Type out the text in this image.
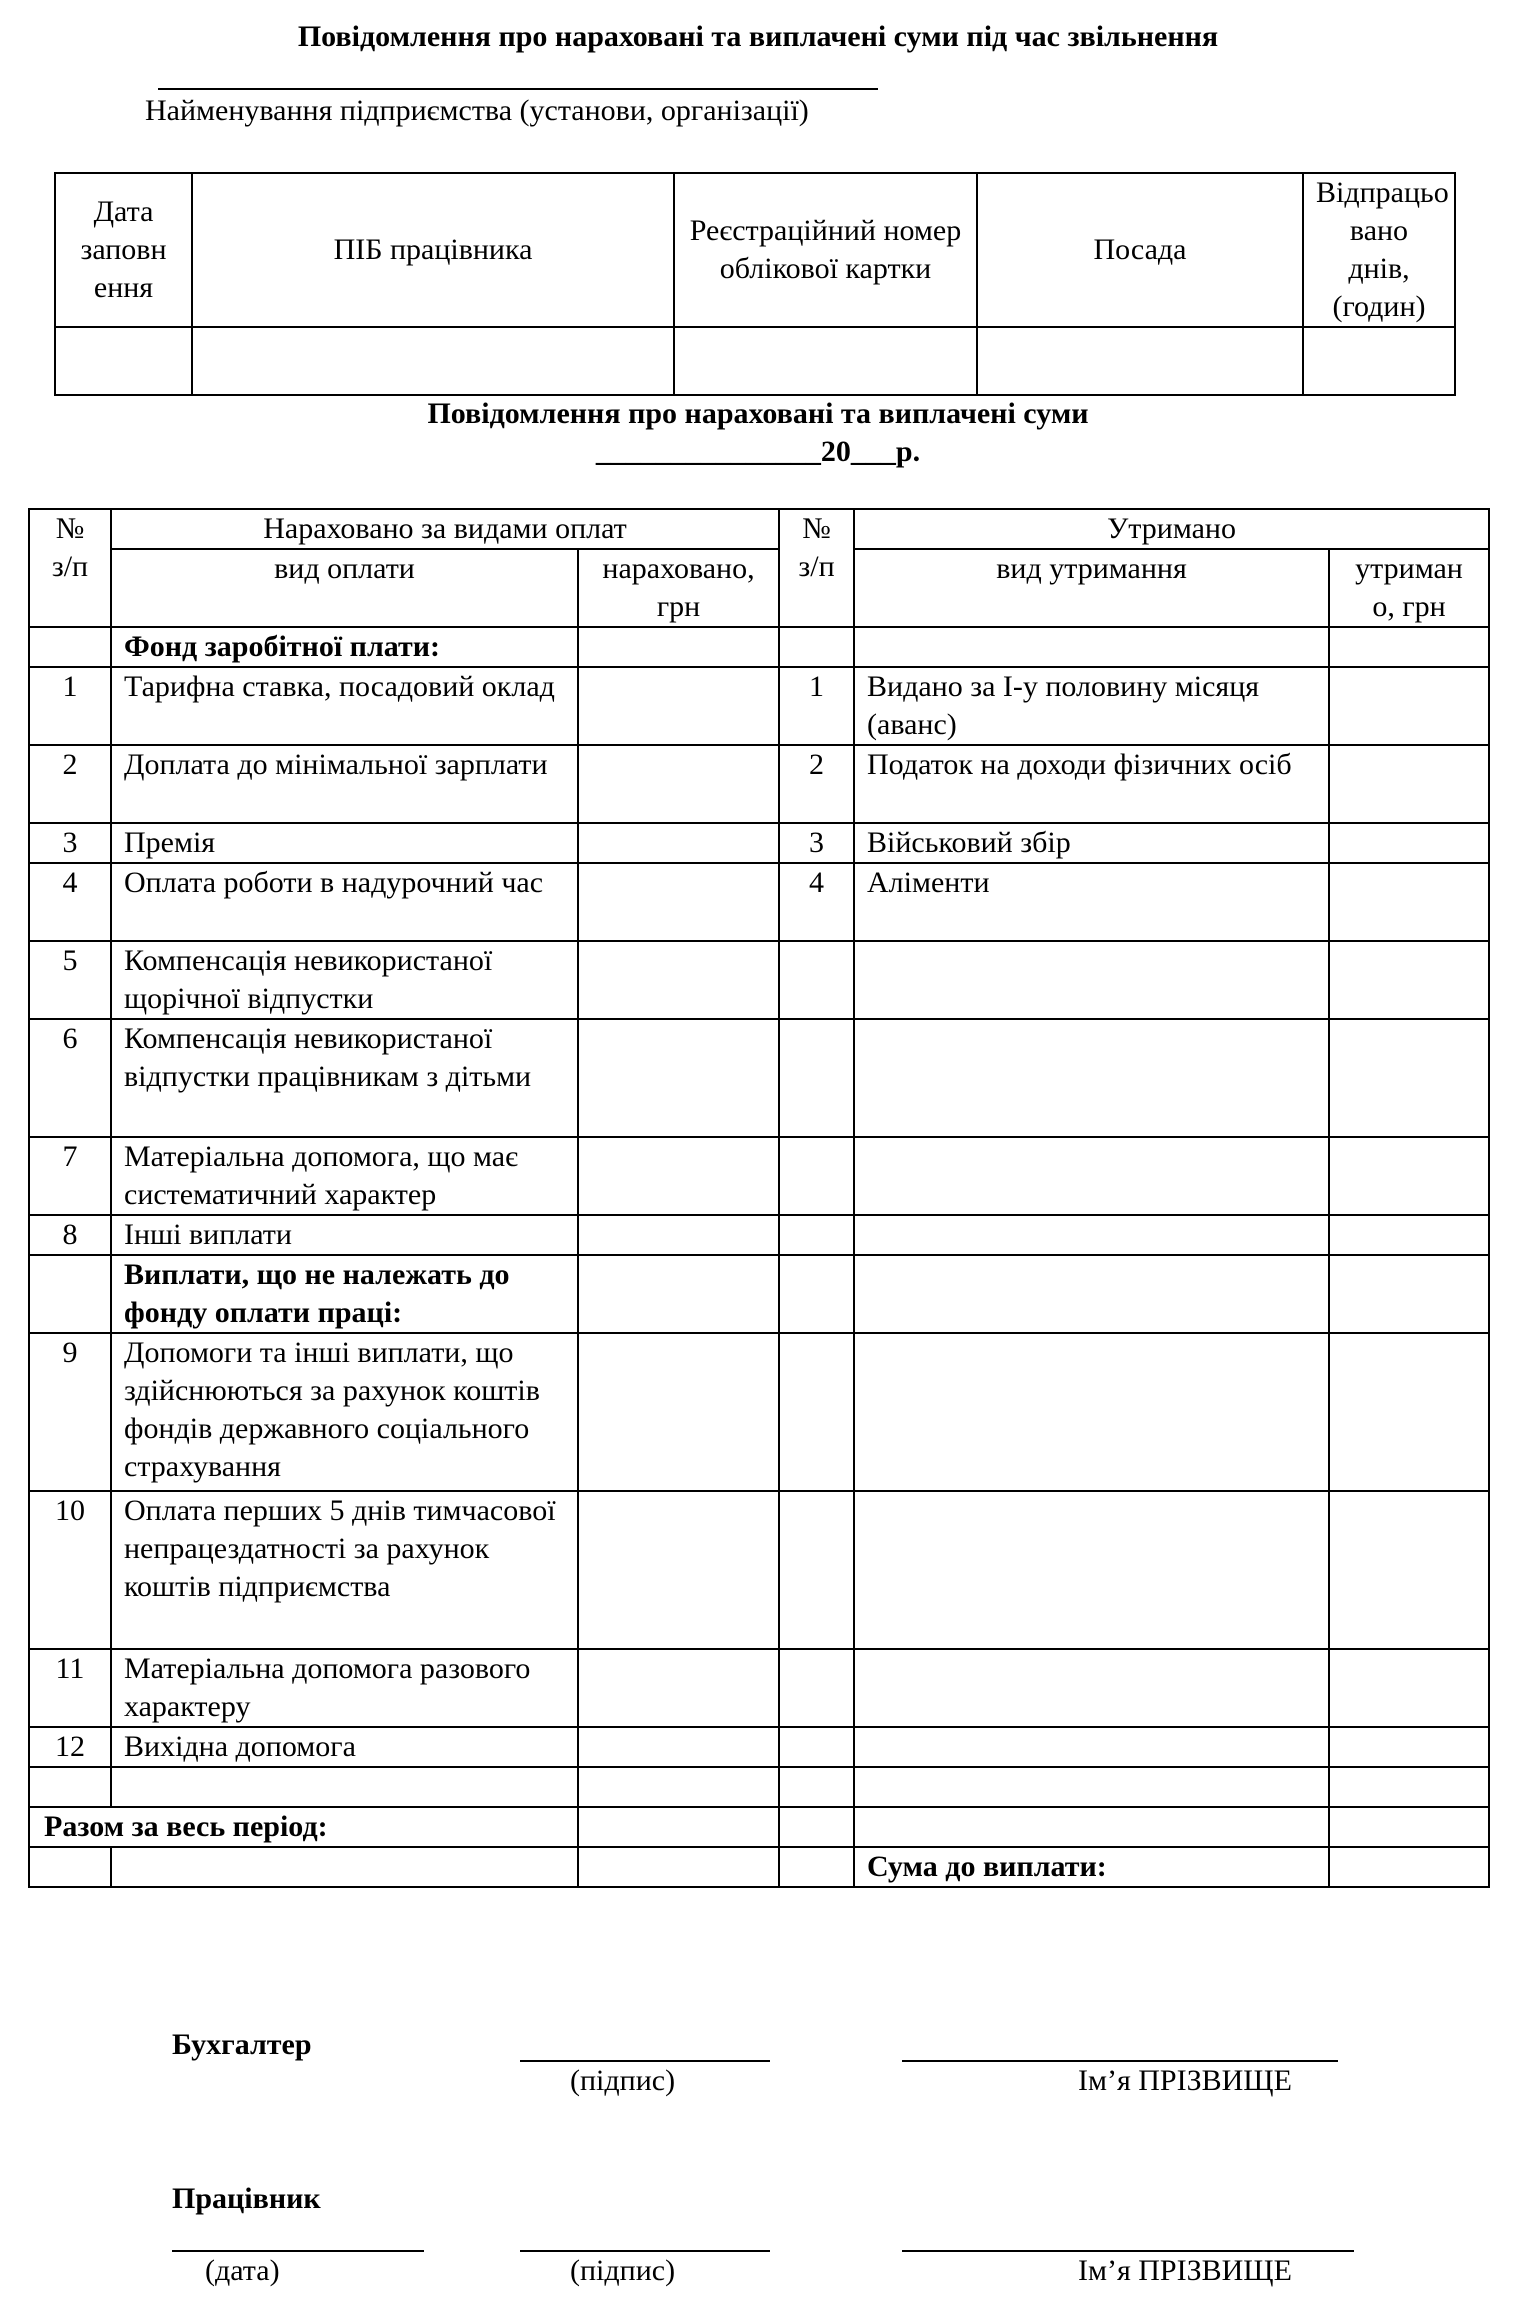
Повідомлення про нараховані та виплачені суми під час звільнення
Найменування підприємства (установи, організації)
Дата заповн ення	ПІБ працівника	Реєстраційний номер облікової картки	Посада	Відпрацьо вано днів, (годин)

Повідомлення про нараховані та виплачені суми
_______________20___р.
№ з/п	Нараховано за видами оплат		№ з/п	Утримано	
	вид оплати	нараховано, грн		вид утримання	утриман о, грн
	Фонд заробітної плати:				
1	Тарифна ставка, посадовий оклад		1	Видано за І-у половину місяця (аванс)	
2	Доплата до мінімальної зарплати		2	Податок на доходи фізичних осіб	
3	Премія		3	Військовий збір	
4	Оплата роботи в надурочний час		4	Аліменти	
5	Компенсація невикористаної щорічної відпустки				
6	Компенсація невикористаної відпустки працівникам з дітьми				
7	Матеріальна допомога, що має систематичний характер				
8	Інші виплати				
	Виплати, що не належать до фонду оплати праці:				
9	Допомоги та інші виплати, що здійснюються за рахунок коштів фондів державного соціального страхування				
10	Оплата перших 5 днів тимчасової непрацездатності за рахунок коштів підприємства				
11	Матеріальна допомога разового характеру				
12	Вихідна допомога				

Разом за весь період:					
				Сума до виплати:	
Бухгалтер
(підпис)	Ім’я ПРІЗВИЩЕ
Працівник
(дата)	(підпис)	Ім’я ПРІЗВИЩЕ
